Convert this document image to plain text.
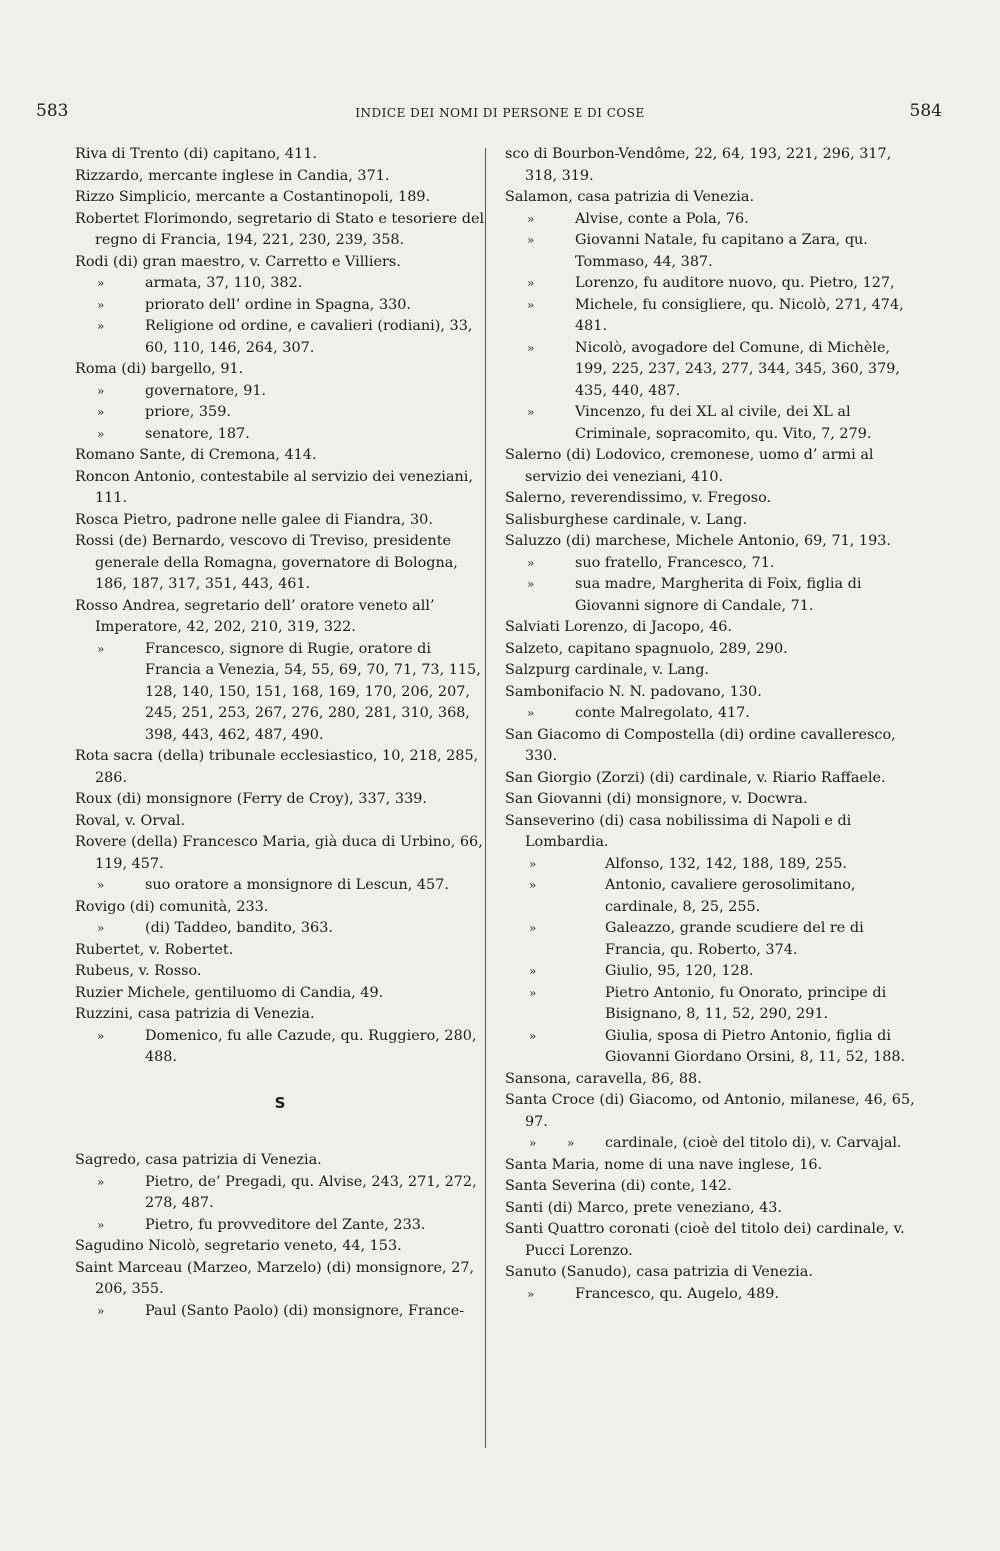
583	INDICE DEI NOMI DI PERSONE E DI COSE	584
Riva di Trento (di) capitano, 411.
Rizzardo, mercante inglese in Candia, 371.
Rizzo Simplicio, mercante a Costantinopoli, 189.
Robertet Florimondo, segretario di Stato e tesoriere del regno di Francia, 194, 221, 230, 239, 358.
Rodi (di) gran maestro, v. Carretto e Villiers.
»	armata, 37, 110, 382.
»	priorato dell’ ordine in Spagna, 330.
»	Religione od ordine, e cavalieri (rodiani), 33, 60, 110, 146, 264, 307.
Roma (di) bargello, 91.
»	governatore, 91.
»	priore, 359.
»	senatore, 187.
Romano Sante, di Cremona, 414.
Roncon Antonio, contestabile al servizio dei veneziani, 111.
Rosca Pietro, padrone nelle galee di Fiandra, 30.
Rossi (de) Bernardo, vescovo di Treviso, presidente generale della Romagna, governatore di Bologna, 186, 187, 317, 351, 443, 461.
Rosso Andrea, segretario dell’ oratore veneto all’ Imperatore, 42, 202, 210, 319, 322.
»	Francesco, signore di Rugie, oratore di Francia a Venezia, 54, 55, 69, 70, 71, 73, 115, 128, 140, 150, 151, 168, 169, 170, 206, 207, 245, 251, 253, 267, 276, 280, 281, 310, 368, 398, 443, 462, 487, 490.
Rota sacra (della) tribunale ecclesiastico, 10, 218, 285, 286.
Roux (di) monsignore (Ferry de Croy), 337, 339.
Roval, v. Orval.
Rovere (della) Francesco Maria, già duca di Urbino, 66, 119, 457.
»	suo oratore a monsignore di Lescun, 457.
Rovigo (di) comunità, 233.
»	(di) Taddeo, bandito, 363.
Rubertet, v. Robertet.
Rubeus, v. Rosso.
Ruzier Michele, gentiluomo di Candia, 49.
Ruzzini, casa patrizia di Venezia.
»	Domenico, fu alle Cazude, qu. Ruggiero, 280, 488.
S
Sagredo, casa patrizia di Venezia.
»	Pietro, de’ Pregadi, qu. Alvise, 243, 271, 272, 278, 487.
»	Pietro, fu provveditore del Zante, 233.
Sagudino Nicolò, segretario veneto, 44, 153.
Saint Marceau (Marzeo, Marzelo) (di) monsignore, 27, 206, 355.
»	Paul (Santo Paolo) (di) monsignore, France-
sco di Bourbon-Vendôme, 22, 64, 193, 221, 296, 317, 318, 319.
Salamon, casa patrizia di Venezia.
»	Alvise, conte a Pola, 76.
»	Giovanni Natale, fu capitano a Zara, qu. Tommaso, 44, 387.
»	Lorenzo, fu auditore nuovo, qu. Pietro, 127,
»	Michele, fu consigliere, qu. Nicolò, 271, 474, 481.
»	Nicolò, avogadore del Comune, di Michèle, 199, 225, 237, 243, 277, 344, 345, 360, 379, 435, 440, 487.
»	Vincenzo, fu dei XL al civile, dei XL al Criminale, sopracomito, qu. Vito, 7, 279.
Salerno (di) Lodovico, cremonese, uomo d’ armi al servizio dei veneziani, 410.
Salerno, reverendissimo, v. Fregoso.
Salisburghese cardinale, v. Lang.
Saluzzo (di) marchese, Michele Antonio, 69, 71, 193.
»	suo fratello, Francesco, 71.
»	sua madre, Margherita di Foix, figlia di Giovanni signore di Candale, 71.
Salviati Lorenzo, di Jacopo, 46.
Salzeto, capitano spagnuolo, 289, 290.
Salzpurg cardinale, v. Lang.
Sambonifacio N. N. padovano, 130.
»	conte Malregolato, 417.
San Giacomo di Compostella (di) ordine cavalleresco, 330.
San Giorgio (Zorzi) (di) cardinale, v. Riario Raffaele.
San Giovanni (di) monsignore, v. Docwra.
Sanseverino (di) casa nobilissima di Napoli e di Lombardia.
»	Alfonso, 132, 142, 188, 189, 255.
»	Antonio, cavaliere gerosolimitano, cardinale, 8, 25, 255.
»	Galeazzo, grande scudiere del re di Francia, qu. Roberto, 374.
»	Giulio, 95, 120, 128.
»	Pietro Antonio, fu Onorato, principe di Bisignano, 8, 11, 52, 290, 291.
»	Giulia, sposa di Pietro Antonio, figlia di Giovanni Giordano Orsini, 8, 11, 52, 188.
Sansona, caravella, 86, 88.
Santa Croce (di) Giacomo, od Antonio, milanese, 46, 65, 97.
»	» cardinale, (cioè del titolo di), v. Carvajal.
Santa Maria, nome di una nave inglese, 16.
Santa Severina (di) conte, 142.
Santi (di) Marco, prete veneziano, 43.
Santi Quattro coronati (cioè del titolo dei) cardinale, v. Pucci Lorenzo.
Sanuto (Sanudo), casa patrizia di Venezia.
»	Francesco, qu. Augelo, 489.
